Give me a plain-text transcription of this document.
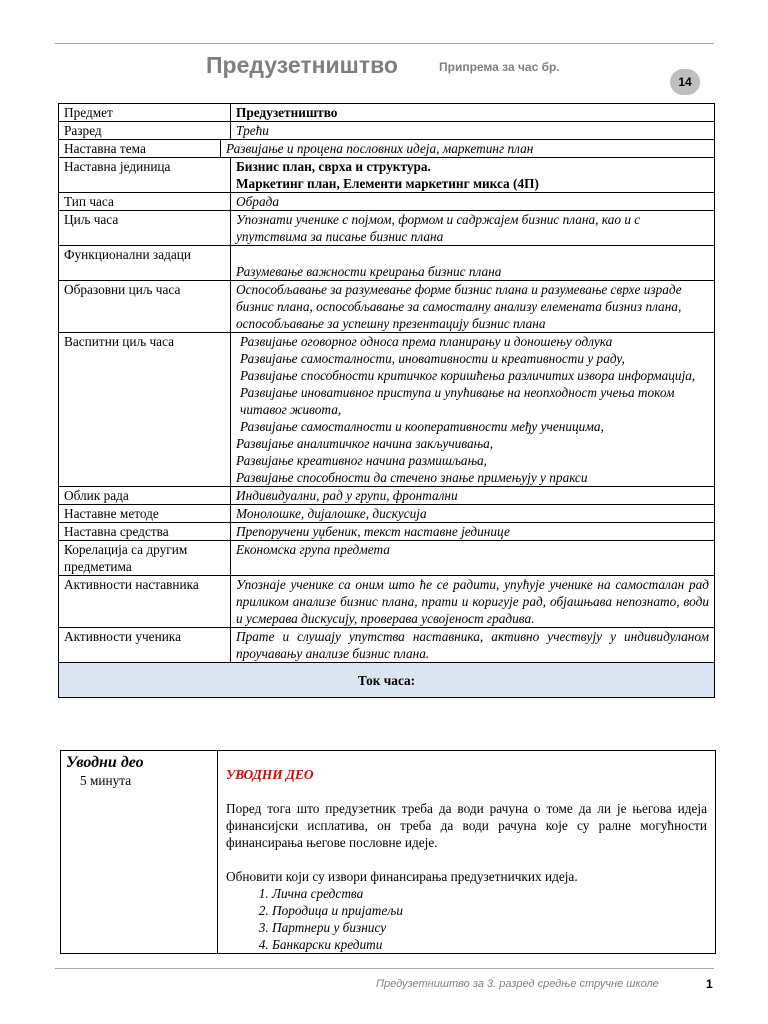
Предузетништво	Припрема за час бр.
14
Предмет	Предузетништво
Разред	Трећи

Наставна тема	Развијање и процена пословних идеја, маркетинг план

Наставна јединица	Бизнис план, сврха и структура.
Маркетинг план, Елементи маркетинг микса (4П)

Тип часа	Обрада
Циљ часа	Упознати ученике с појмом, формом и садржајем бизнис плана, као и с упутствима за писање бизнис плана
Функционални задаци	Разумевање важности креирања бизнис плана
Образовни циљ часа	Оспособљавање за разумевање форме бизнис плана и разумевање сврхе израде бизнис плана, оспособљавање за самосталну анализу елемената бизниз плана, оспособљавање за успешну презентацију бизнис плана
Васпитни циљ часа	Развијање оговорног односа према планирању и доношењу одлука
Развијање самосталности, иновативности и креативности у раду,
Развијање способности критичког коришћења различитих извора информација,
Развијање иновативног приступа и упућивање на неопходност учења током читавог живота,
Развијање самосталности и кооперативности међу ученицима,
Развијање аналитичког начина закључивања,
Развијање креативног начина размишљања,
Развијање способности да стечено знање примењују у пракси

Облик рада	Индивидуални, рад у групи, фронтални
Наставне методе	Монолошке, дијалошке, дискусија
Наставна средства	Препоручени уџбеник, текст наставне јединице
Корелација са другим предметима	Економска група предмета
Активности наставника	Упознаје ученике са оним што ће се радити, упућује ученике на самосталан рад приликом анализе бизнис плана, прати и коригује рад, објашњава непознато, води и усмерава дискусију, проверава усвојеност градива.
Активности ученика	Прате и слушају упутства наставника, активно учествују у индивидуланом проучавању анализе бизнис плана.
Ток часа:
Уводни део
5 минута	УВОДНИ ДЕО

Поред тога што предузетник треба да води рачуна о томе да ли је његова идеја финансијски исплатива, он треба да води рачуна које су ралне могућности финансирања његове пословне идеје.

Обновити који су извори финансирања предузетничких идеја.

1. Лична средства
2. Породица и пријатељи
3. Партнери у бизнису
4. Банкарски кредити
Предузетништво за 3. разред средње стручне школе	1
